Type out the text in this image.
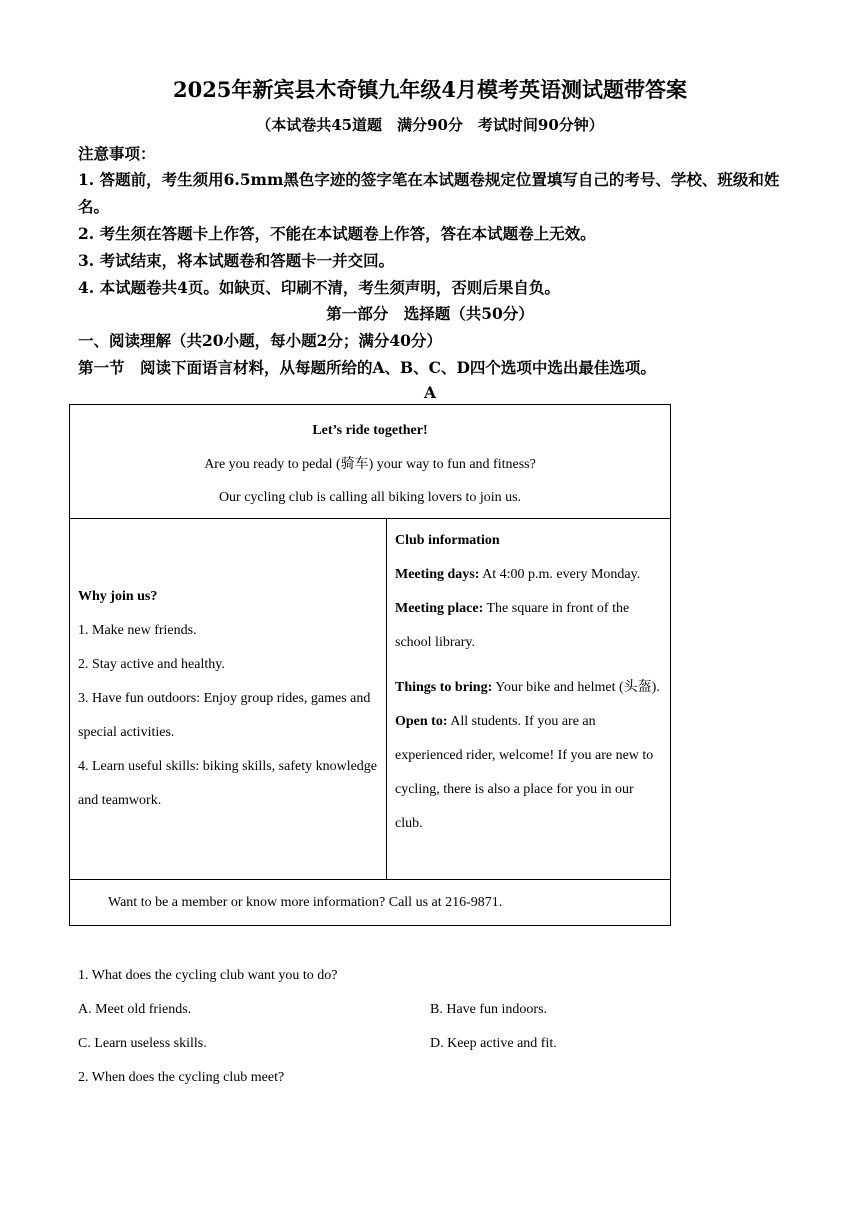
2025年新宾县木奇镇九年级4月模考英语测试题带答案
（本试卷共45道题　满分90分　考试时间90分钟）
注意事项：

1. 答题前，考生须用6.5mm黑色字迹的签字笔在本试题卷规定位置填写自己的考号、学校、班级和姓名。

2. 考生须在答题卡上作答，不能在本试题卷上作答，答在本试题卷上无效。

3. 考试结束，将本试题卷和答题卡一并交回。

4. 本试题卷共4页。如缺页、印刷不清，考生须声明，否则后果自负。

第一部分　选择题（共50分）
一、阅读理解（共20小题，每小题2分；满分40分）
第一节　阅读下面语言材料，从每题所给的A、B、C、D四个选项中选出最佳选项。
A
Let’s ride together!
Are you ready to pedal (骑车) your way to fun and fitness?
Our cycling club is calling all biking lovers to join us.

Why join us?
1. Make new friends.
2. Stay active and healthy.
3. Have fun outdoors: Enjoy group rides, games and special activities.
4. Learn useful skills: biking skills, safety knowledge and teamwork.

Club information
Meeting days: At 4:00 p.m. every Monday.
Meeting place: The square in front of the school library.
Things to bring: Your bike and helmet (头盔).
Open to: All students. If you are an experienced rider, welcome! If you are new to cycling, there is also a place for you in our club.

Want to be a member or know more information? Call us at 216-9871.
1. What does the cycling club want you to do?
A. Meet old friends.	B. Have fun indoors.
C. Learn useless skills.	D. Keep active and fit.
2. When does the cycling club meet?
